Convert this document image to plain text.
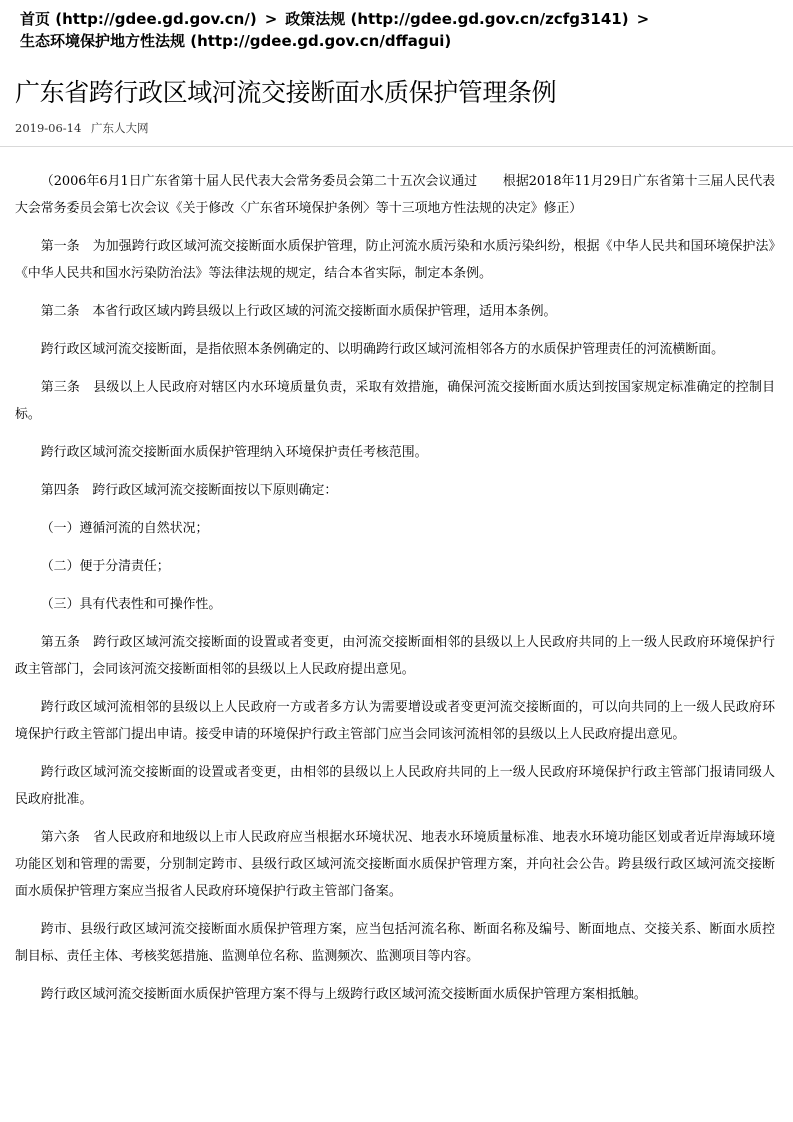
首页 (http://gdee.gd.gov.cn/) > 政策法规 (http://gdee.gd.gov.cn/zcfg3141) >
生态环境保护地方性法规 (http://gdee.gd.gov.cn/dffagui)
广东省跨行政区域河流交接断面水质保护管理条例
2019-06-14 广东人大网

（2006年6月1日广东省第十届人民代表大会常务委员会第二十五次会议通过　　根据2018年11月29日广东省第十三届人民代表大会常务委员会第七次会议《关于修改〈广东省环境保护条例〉等十三项地方性法规的决定》修正）

第一条　为加强跨行政区域河流交接断面水质保护管理，防止河流水质污染和水质污染纠纷，根据《中华人民共和国环境保护法》《中华人民共和国水污染防治法》等法律法规的规定，结合本省实际，制定本条例。

第二条　本省行政区域内跨县级以上行政区域的河流交接断面水质保护管理，适用本条例。

跨行政区域河流交接断面，是指依照本条例确定的、以明确跨行政区域河流相邻各方的水质保护管理责任的河流横断面。

第三条　县级以上人民政府对辖区内水环境质量负责，采取有效措施，确保河流交接断面水质达到按国家规定标准确定的控制目标。

跨行政区域河流交接断面水质保护管理纳入环境保护责任考核范围。

第四条　跨行政区域河流交接断面按以下原则确定：

（一）遵循河流的自然状况；

（二）便于分清责任；

（三）具有代表性和可操作性。

第五条　跨行政区域河流交接断面的设置或者变更，由河流交接断面相邻的县级以上人民政府共同的上一级人民政府环境保护行政主管部门，会同该河流交接断面相邻的县级以上人民政府提出意见。

跨行政区域河流相邻的县级以上人民政府一方或者多方认为需要增设或者变更河流交接断面的，可以向共同的上一级人民政府环境保护行政主管部门提出申请。接受申请的环境保护行政主管部门应当会同该河流相邻的县级以上人民政府提出意见。

跨行政区域河流交接断面的设置或者变更，由相邻的县级以上人民政府共同的上一级人民政府环境保护行政主管部门报请同级人民政府批准。

第六条　省人民政府和地级以上市人民政府应当根据水环境状况、地表水环境质量标准、地表水环境功能区划或者近岸海域环境功能区划和管理的需要，分别制定跨市、县级行政区域河流交接断面水质保护管理方案，并向社会公告。跨县级行政区域河流交接断面水质保护管理方案应当报省人民政府环境保护行政主管部门备案。

跨市、县级行政区域河流交接断面水质保护管理方案，应当包括河流名称、断面名称及编号、断面地点、交接关系、断面水质控制目标、责任主体、考核奖惩措施、监测单位名称、监测频次、监测项目等内容。

跨行政区域河流交接断面水质保护管理方案不得与上级跨行政区域河流交接断面水质保护管理方案相抵触。
